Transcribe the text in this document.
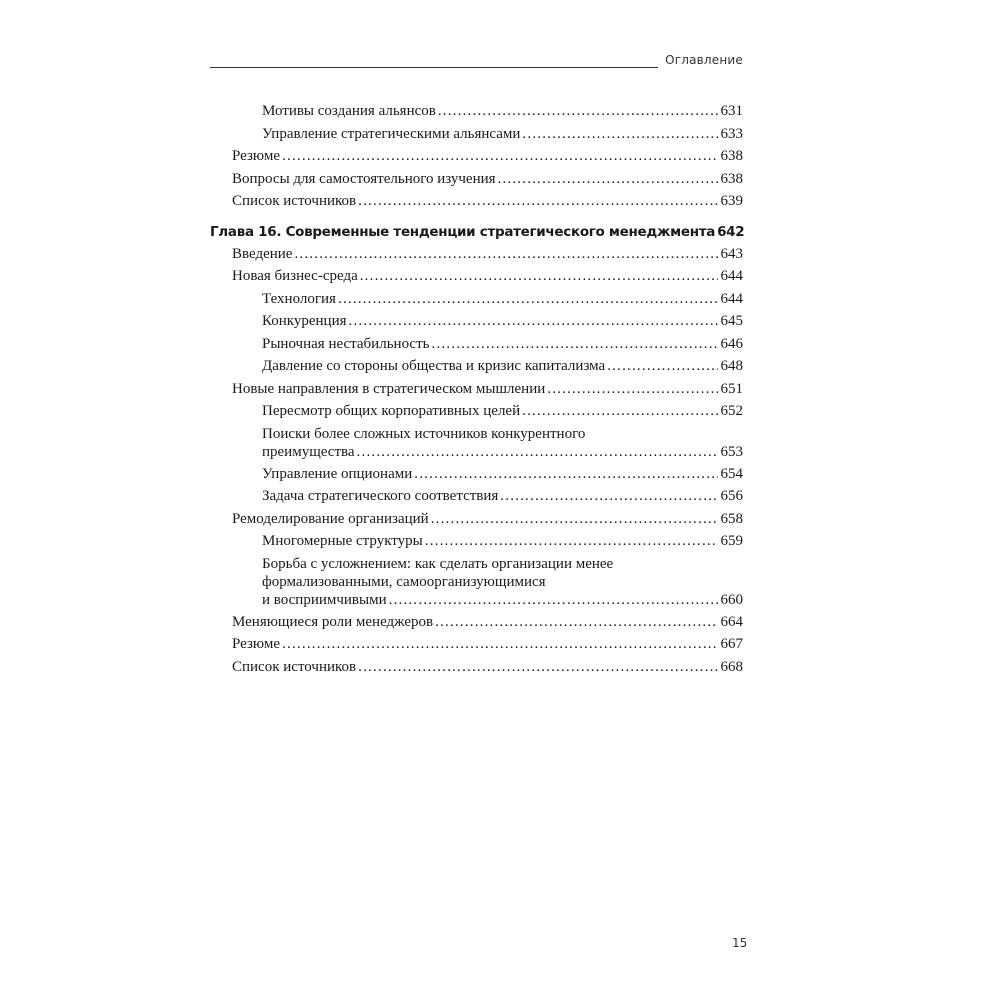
Оглавление
Мотивы создания альянсов .....	631
Управление стратегическими альянсами .....	633
Резюме .....	638
Вопросы для самостоятельного изучения .....	638
Список источников .....	639
Глава 16. Современные тенденции стратегического менеджмента 642
Введение .....	643
Новая бизнес-среда .....	644
Технология .....	644
Конкуренция .....	645
Рыночная нестабильность .....	646
Давление со стороны общества и кризис капитализма .....	648
Новые направления в стратегическом мышлении .....	651
Пересмотр общих корпоративных целей .....	652
Поиски более сложных источников конкурентного
преимущества .....	653
Управление опционами .....	654
Задача стратегического соответствия .....	656
Ремоделирование организаций .....	658
Многомерные структуры .....	659
Борьба с усложнением: как сделать организации менее
формализованными, самоорганизующимися
и восприимчивыми .....	660
Меняющиеся роли менеджеров .....	664
Резюме .....	667
Список источников .....	668
15
